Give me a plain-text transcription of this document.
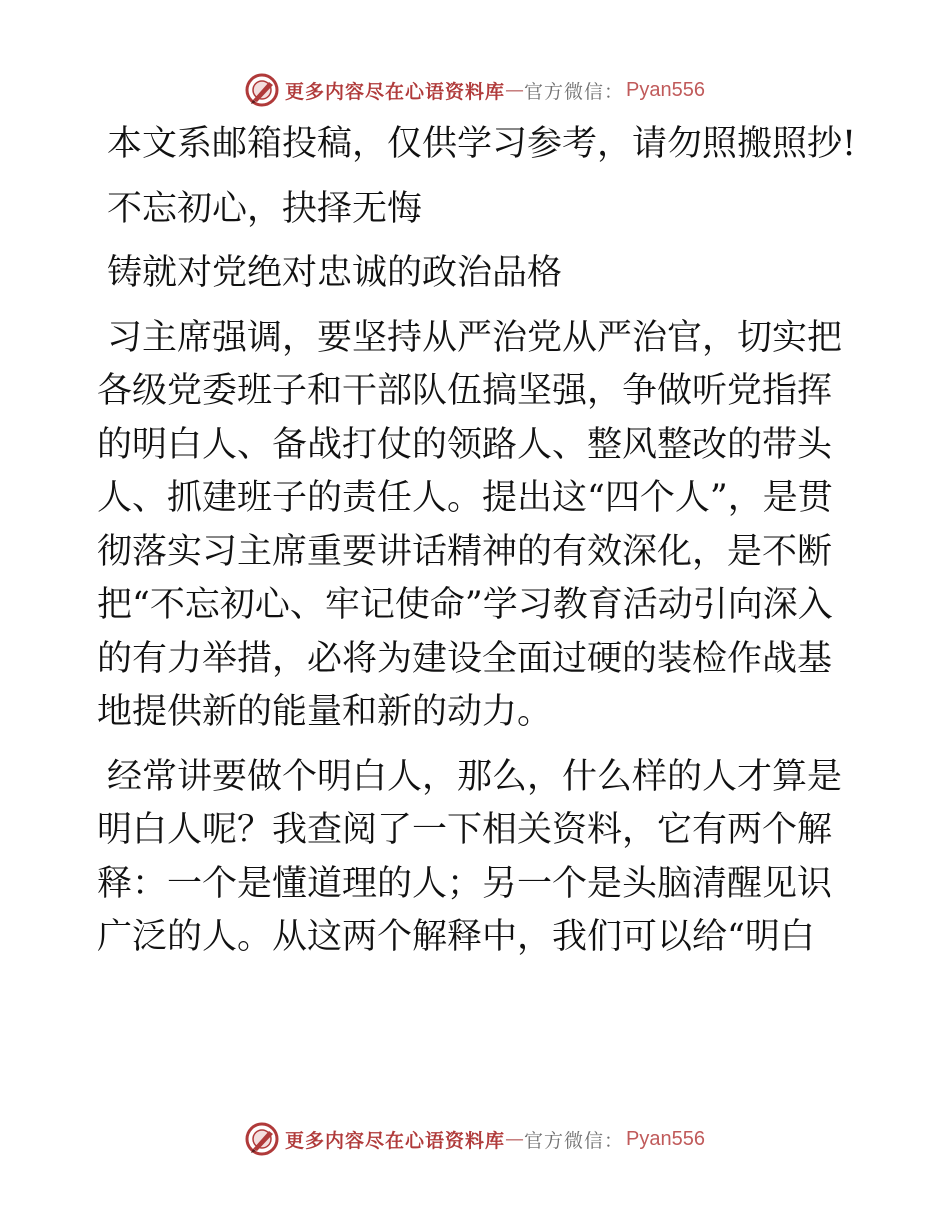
更多内容尽在心语资料库 — 官方微信： Pyan556

本文系邮箱投稿，仅供学习参考，请勿照搬照抄!

不忘初心，抉择无悔

铸就对党绝对忠诚的政治品格

习主席强调，要坚持从严治党从严治官，切实把各级党委班子和干部队伍搞坚强，争做听党指挥的明白人、备战打仗的领路人、整风整改的带头人、抓建班子的责任人。提出这“四个人”，是贯彻落实习主席重要讲话精神的有效深化，是不断把“不忘初心、牢记使命”学习教育活动引向深入的有力举措，必将为建设全面过硬的装检作战基地提供新的能量和新的动力。

经常讲要做个明白人，那么，什么样的人才算是明白人呢？我查阅了一下相关资料，它有两个解释：一个是懂道理的人；另一个是头脑清醒见识广泛的人。从这两个解释中，我们可以给“明白

更多内容尽在心语资料库 — 官方微信： Pyan556
